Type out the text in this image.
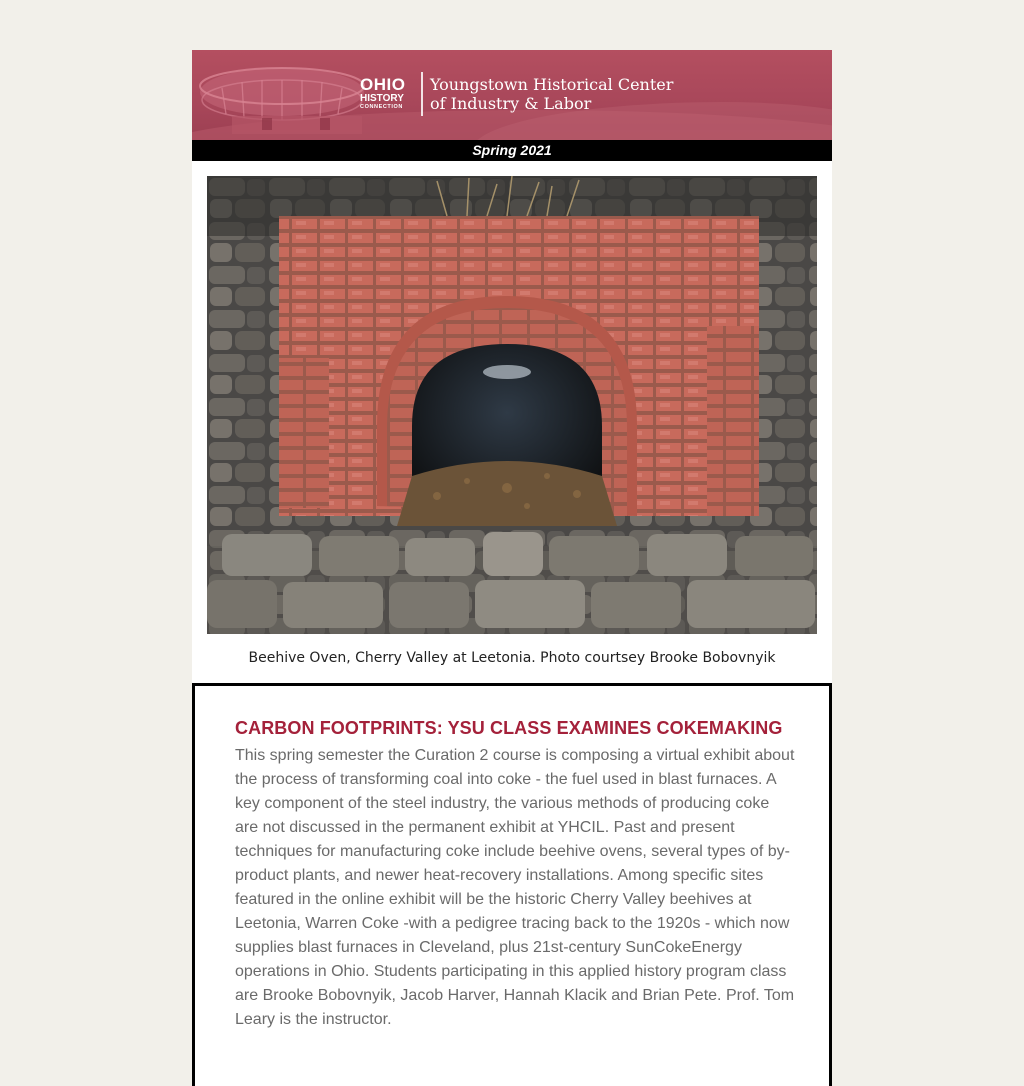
OHIO
HISTORY
CONNECTION
Youngstown Historical Center
of Industry & Labor
Spring 2021
Beehive Oven, Cherry Valley at Leetonia. Photo courtsey Brooke Bobovnyik
CARBON FOOTPRINTS: YSU CLASS EXAMINES COKEMAKING

This spring semester the Curation 2 course is composing a virtual exhibit about the process of transforming coal into coke - the fuel used in blast furnaces. A key component of the steel industry, the various methods of producing coke are not discussed in the permanent exhibit at YHCIL. Past and present techniques for manufacturing coke include beehive ovens, several types of by-product plants, and newer heat-recovery installations. Among specific sites featured in the online exhibit will be the historic Cherry Valley beehives at Leetonia, Warren Coke -with a pedigree tracing back to the 1920s - which now supplies blast furnaces in Cleveland, plus 21st-century SunCokeEnergy operations in Ohio. Students participating in this applied history program class are Brooke Bobovnyik, Jacob Harver, Hannah Klacik and Brian Pete. Prof. Tom Leary is the instructor.
